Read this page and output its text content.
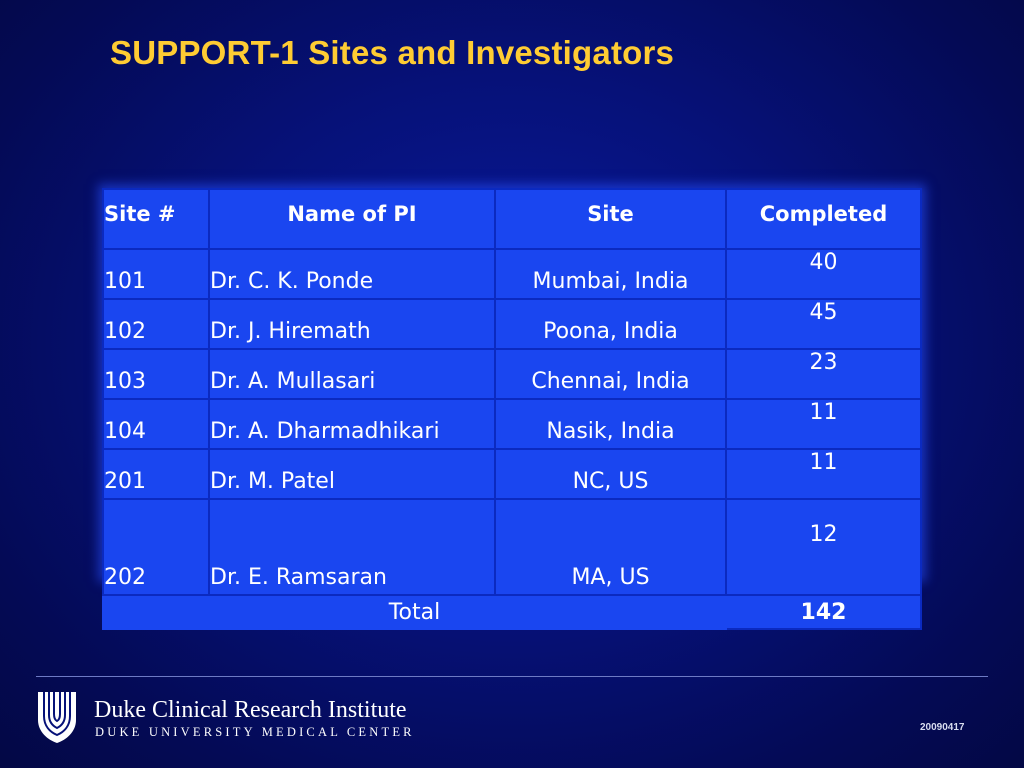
SUPPORT-1 Sites and Investigators
Site #	Name of PI	Site	Completed
101	Dr. C. K. Ponde	Mumbai, India	40
102	Dr. J. Hiremath	Poona, India	45
103	Dr. A. Mullasari	Chennai, India	23
104	Dr. A. Dharmadhikari	Nasik, India	11
201	Dr. M. Patel	NC, US	11
202	Dr. E. Ramsaran	MA, US	12
Total			142

Duke Clinical Research Institute

DUKE UNIVERSITY MEDICAL CENTER	20090417
